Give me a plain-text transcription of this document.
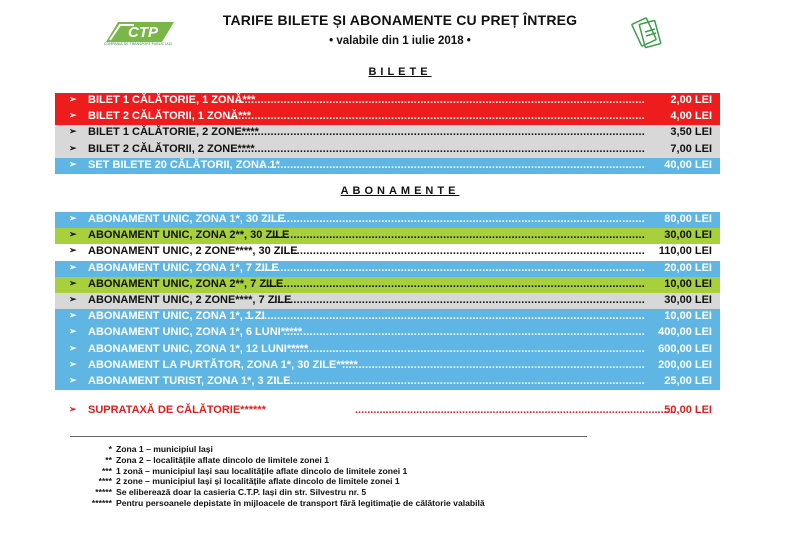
CTP
COMPANIA DE TRANSPORT PUBLIC IAȘI
TARIFE BILETE ȘI ABONAMENTE CU PREȚ ÎNTREG
• valabile din 1 iulie 2018 •
BILETE
➢ BILET 1 CĂLĂTORIE, 1 ZONĂ***
.............................................................................................................................. 2,00 LEI
➢ BILET 2 CĂLĂTORII, 1 ZONĂ***
................................................................................................................................ 4,00 LEI
➢ BILET 1 CĂLĂTORIE, 2 ZONE****
............................................................................................................................. 3,50 LEI
➢ BILET 2 CĂLĂTORII, 2 ZONE****
.............................................................................................................................. 7,00 LEI
➢ SET BILETE 20 CĂLĂTORII, ZONA 1*
...................................................................................................................... 40,00 LEI
ABONAMENTE
➢ ABONAMENT UNIC, ZONA 1*, 30 ZILE
..................................................................................................................... 80,00 LEI
➢ ABONAMENT UNIC, ZONA 2**, 30 ZILE
................................................................................................................... 30,00 LEI
➢ ABONAMENT UNIC, 2 ZONE****, 30 ZILE
................................................................................................................ 110,00 LEI
➢ ABONAMENT UNIC, ZONA 1*, 7 ZILE
....................................................................................................................... 20,00 LEI
➢ ABONAMENT UNIC, ZONA 2**, 7 ZILE
..................................................................................................................... 10,00 LEI
➢ ABONAMENT UNIC, 2 ZONE****, 7 ZILE
.................................................................................................................. 30,00 LEI
➢ ABONAMENT UNIC, ZONA 1*, 1 ZI
........................................................................................................................... 10,00 LEI
➢ ABONAMENT UNIC, ZONA 1*, 6 LUNI*****
............................................................................................................... 400,00 LEI
➢ ABONAMENT UNIC, ZONA 1*, 12 LUNI*****
............................................................................................................. 600,00 LEI
➢ ABONAMENT LA PURTĂTOR, ZONA 1*, 30 ZILE*****
............................................................................................. 200,00 LEI
➢ ABONAMENT TURIST, ZONA 1*, 3 ZILE
................................................................................................................... 25,00 LEI
➢ SUPRATAXĂ DE CĂLĂTORIE******	.........................................................................................................
50,00 LEI
* Zona 1 – municipiul Iași
** Zona 2 – localitățile aflate dincolo de limitele zonei 1
*** 1 zonă – municipiul Iași sau localitățile aflate dincolo de limitele zonei 1
**** 2 zone – municipiul Iași și localitățile aflate dincolo de limitele zonei 1
***** Se eliberează doar la casieria C.T.P. Iași din str. Silvestru nr. 5
****** Pentru persoanele depistate în mijloacele de transport fără legitimație de călătorie valabilă
